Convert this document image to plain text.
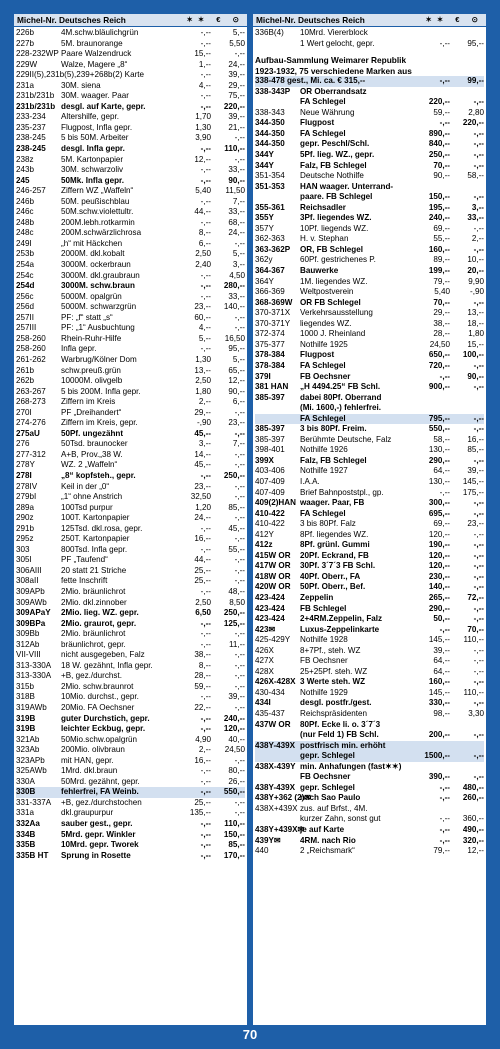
Michel-Nr. Deutsches Reich	✶✶ € ⊙
226b	4M.schw.bläulichgrün	-,--	5,--
227b	5M. braunorange	-,--	5,50
228-232WP Paare Walzendruck	15,--	-,--
229W	Walze, Magere „8“	1,--	24,--
229II(5),231b(5),239+268b(2) Karte	-,--	39,--
231a	30M. siena	4,--	29,--
231b/231b 30M. waager. Paar	-,--	75,--
231b/231b desgl. auf Karte, gepr.	-,--	220,--
233-234	Altershilfe, gepr.	1,70	39,--
235-237	Flugpost, Infla gepr.	1,30	21,--
238-245	5 bis 50M. Arbeiter	3,90	-,--
238-245	desgl. Infla gepr.	-,--	110,--
238z	5M. Kartonpapier	12,--	-,--
243b	30M. schwarzoliv	-,--	33,--
245	50Mk. Infla gepr.	-,--	90,--
246-257	Ziffern WZ „Waffeln“	5,40	11,50
246b	50M. peußischblau	-,--	7,--
246c	50M.schw.violettultr.	44,--	33,--
248b	200M.lebh.rotkarmin	-,--	68,--
248c	200M.schwärzlichrosa	8,--	24,--
249I	„h“ mit Häckchen	6,--	-,--
253b	2000M. dkl.kobalt	2,50	5,--
254a	3000M. ockerbraun	2,40	3,--
254c	3000M. dkl.graubraun	-,--	4,50
254d	3000M. schw.braun	-,--	280,--
256c	5000M. opalgrün	-,--	33,--
256d	5000M. schwarzgrün	23,--	140,--
257II	PF: „f“ statt „s“	60,--	-,--
257III	PF: „1“ Ausbuchtung	4,--	-,--
258-260	Rhein-Ruhr-Hilfe	5,--	16,50
258-260	Infla gepr.	-,--	95,--
261-262	Warbrug/Kölner Dom	1,30	5,--
261b	schw.preuß.grün	13,--	65,--
262b	10000M. olivgelb	2,50	12,--
263-267	5 bis 200M. Infla gepr.	1,80	90,--
268-273	Ziffern im Kreis	2,--	6,--
270I	PF „Dreihandert“	29,--	-,--
274-276	Ziffern im Kreis, gepr.	-,90	23,--
275aU	50Pf. ungezähnt	45,--	-,--
276	50Tsd. braunocker	3,--	7,--
277-312	A+B, Prov.„38 W.	14,--	-,--
278Y	WZ. 2 „Waffeln“	45,--	-,--
278I	„8“ kopfsteh., gepr.	-,--	250,--
278IV	Keil in der „0“	23,--	-,--
279bI	„1“ ohne Anstrich	32,50	-,--
289a	100Tsd purpur	1,20	85,--
290z	100T. Kartonpapier	24,--	-,--
291b	125Tsd. dkl.rosa, gepr.	-,--	45,--
295z	250T. Kartonpapier	16,--	-,--
303	800Tsd. Infla gepr.	-,--	55,--
305I	PF „Taufend“	44,--	-,--
306AIII	20 statt 21 Striche	25,--	-,--
308aII	fette Inschrift	25,--	-,--
309APb	2Mio. bräunlichrot	-,--	48,--
309AWb	2Mio. dkl.zinnober	2,50	8,50
309APaY	2Mio. lieg. WZ. gepr.	6,50	250,--
309BPa	2Mio. graurot, gepr.	-,--	125,--
309Bb	2Mio. bräunlichrot	-,--	-,--
312Ab	bräunlichrot, gepr.	-,--	11,--
VII-VIII	nicht ausgegeben, Falz	38,--	-,--
313-330A	18 W. gezähnt, Infla gepr.	8,--	-,--
313-330A	+B, gez./durchst.	28,--	-,--
315b	2Mio. schw.braunrot	59,--	-,--
318B	10Mio. durchst., gepr.	-,--	39,--
319AWb	20Mio. FA Oechsner	22,--	-,--
319B	guter Durchstich, gepr.	-,--	240,--
319B	leichter Eckbug, gepr.	-,--	120,--
321Ab	50Mio.schw.opalgrün	4,90	40,--
323Ab	200Mio. olivbraun	2,--	24,50
323APb	mit HAN, gepr.	16,--	-,--
325AWb	1Mrd. dkl.braun	-,--	80,--
330A	50Mrd. gezähnt, gepr.	-,--	26,--
330B	fehlerfrei, FA Weinb.	-,--	550,--
331-337A	+B, gez./durchstochen	25,--	-,--
331a	dkl.graupurpur	135,--	-,--
332Aa	sauber gest., gepr.	-,--	110,--
334B	5Mrd. gepr. Winkler	-,--	150,--
335B	10Mrd. gepr. Tworek	-,--	85,--
335B HT	Sprung in Rosette	-,--	170,--
Michel-Nr. Deutsches Reich	✶✶ € ⊙
336B(4)	10Mrd. Viererblock
1 Wert gelocht, gepr.	-,--	95,--
Aufbau-Sammlung Weimarer Republik
1923-1932, 75 verschiedene Marken aus
338-478 gest., Mi. ca. € 315,--	-,--	99,--
338-343P	OR Oberrandsatz
FA Schlegel	220,--	-,--
338-343	Neue Währung	59,--	2,80
344-350	Flugpost	-,--	220,--
344-350	FA Schlegel	890,--	-,--
344-350	gepr. Peschl/Schl.	840,--	-,--
344Y	5Pf. lieg. WZ., gepr.	250,--	-,--
344Y	Falz, FB Schlegel	70,--	-,--
351-354	Deutsche Nothilfe	90,--	58,--
351-353	HAN waager. Unterrand-
paare. FB Schlegel	150,--	-,--
355-361	Reichsadler	195,--	3,--
355Y	3Pf. liegendes WZ.	240,--	33,--
357Y	10Pf. liegends WZ.	69,--	-,--
362-363	H. v. Stephan	55,--	2,--
363-362P	OR, FB Schlegel	160,--	-,--
362y	60Pf. gestrichenes P.	89,--	10,--
364-367	Bauwerke	199,--	20,--
364Y	1M. liegendes WZ.	79,--	9,90
366-369	Weltpostverein	5,40	-,90
368-369W OR FB Schlegel	70,--	-,--
370-371X	Verkehrsausstellung	29,--	13,--
370-371Y	liegendes WZ.	38,--	18,--
372-374	1000 J. Rheinland	28,--	1,80
375-377	Nothilfe 1925	24,50	15,--
378-384	Flugpost	650,--	100,--
378-384	FA Schlegel	720,--	-,--
379I	FB Oechsner	-,--	90,--
381 HAN	„H 4494.25“ FB Schl.	900,--	-,--
385-397	dabei 80Pf. Oberrand
(Mi. 1600,-) fehlerfrei.
FA Schlegel	795,--	-,--
385-397	3 bis 80Pf. Freim.	550,--	-,--
385-397	Berühmte Deutsche, Falz	58,--	16,--
398-401	Nothilfe 1926	130,--	85,--
399X	Falz, FB Schlegel	290,--	-,--
403-406	Nothilfe 1927	64,--	39,--
407-409	I.A.A.	130,--	145,--
407-409	Brief Bahnpoststpl., gp.	-,--	175,--
409(2)HAN waager. Paar, FB	300,--	-,--
410-422	FA Schlegel	695,--	-,--
410-422	3 bis 80Pf. Falz	69,--	23,--
412Y	8Pf. liegendes WZ.	120,--	-,--
412z	8Pf. grünl. Gummi	190,--	-,--
415W OR	20Pf. Eckrand, FB	120,--	-,--
417W OR	30Pf. 3´7´3 FB Schl.	120,--	-,--
418W OR	40Pf. Oberr., FA	230,--	-,--
420W OR	50Pf. Oberr., Bef.	140,--	-,--
423-424	Zeppelin	265,--	72,--
423-424	FB Schlegel	290,--	-,--
423-424	2+4RM.Zeppelin, Falz	50,--	-,--
423✉	Luxus-Zeppelinkarte	-,--	70,--
425-429Y	Nothilfe 1928	145,--	110,--
426X	8+7Pf., steh. WZ	39,--	-,--
427X	FB Oechsner	64,--	-,--
428X	25+25Pf. steh. WZ	64,--	-,--
426X-428X 3 Werte steh. WZ	160,--	-,--
430-434	Nothilfe 1929	145,--	110,--
434I	desgl. postfr./gest.	330,--	-,--
435-437	Reichspräsidenten	98,--	3,30
437W OR	80Pf. Ecke li. o. 3´7´3
(nur Feld 1) FB Schl.	200,--	-,--
438Y-439X postfrisch min. erhöht
gepr. Schlegel	1500,--	-,--
438X-439Y min. Anhafungen (fast✶✶)
FB Oechsner	390,--	-,--
438Y-439X gepr. Schlegel	-,--	480,--
438Y+362 (2)✉
nach Sao Paulo	-,--	260,--
438X+439X zus. auf Brfst., 4M.
kurzer Zahn, sonst gut	-,--	360,--
438Y+439X✉
je auf Karte	-,--	490,--
439Y✉	4RM. nach Rio	-,--	320,--
440	2 „Reichsmark“	79,--	12,--
70
